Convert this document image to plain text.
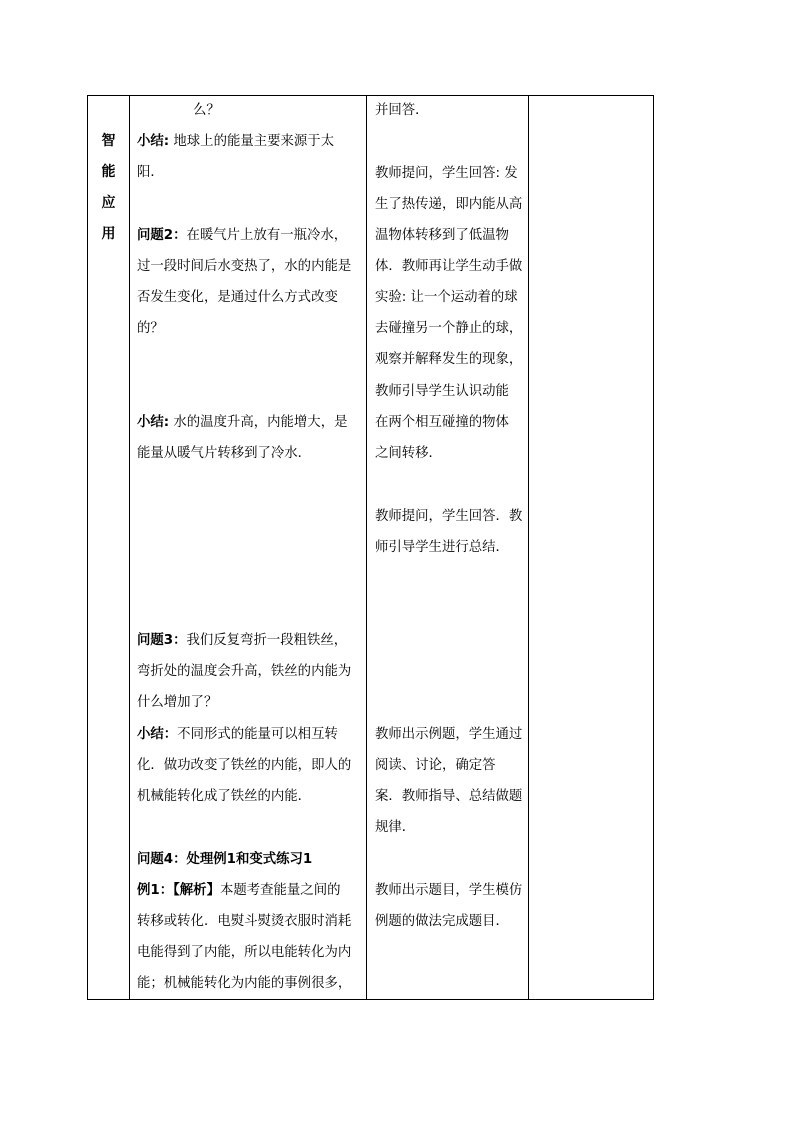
智
能
应
用
么？
小结: 地球上的能量主要来源于太
阳．
问题2：在暖气片上放有一瓶冷水，
过一段时间后水变热了，水的内能是
否发生变化，是通过什么方式改变
的？
小结: 水的温度升高，内能增大，是
能量从暖气片转移到了冷水．
问题3：我们反复弯折一段粗铁丝，
弯折处的温度会升高，铁丝的内能为
什么增加了？
小结：不同形式的能量可以相互转
化．做功改变了铁丝的内能，即人的
机械能转化成了铁丝的内能．
问题4：处理例1和变式练习1
例1：【解析】本题考查能量之间的
转移或转化．电熨斗熨烫衣服时消耗
电能得到了内能，所以电能转化为内
能；机械能转化为内能的事例很多，
并回答．
教师提问，学生回答: 发
生了热传递，即内能从高
温物体转移到了低温物
体．教师再让学生动手做
实验: 让一个运动着的球
去碰撞另一个静止的球，
观察并解释发生的现象，
教师引导学生认识动能
在两个相互碰撞的物体
之间转移．
教师提问，学生回答．教
师引导学生进行总结．
教师出示例题，学生通过
阅读、讨论，确定答
案．教师指导、总结做题
规律．
教师出示题目，学生模仿
例题的做法完成题目．
